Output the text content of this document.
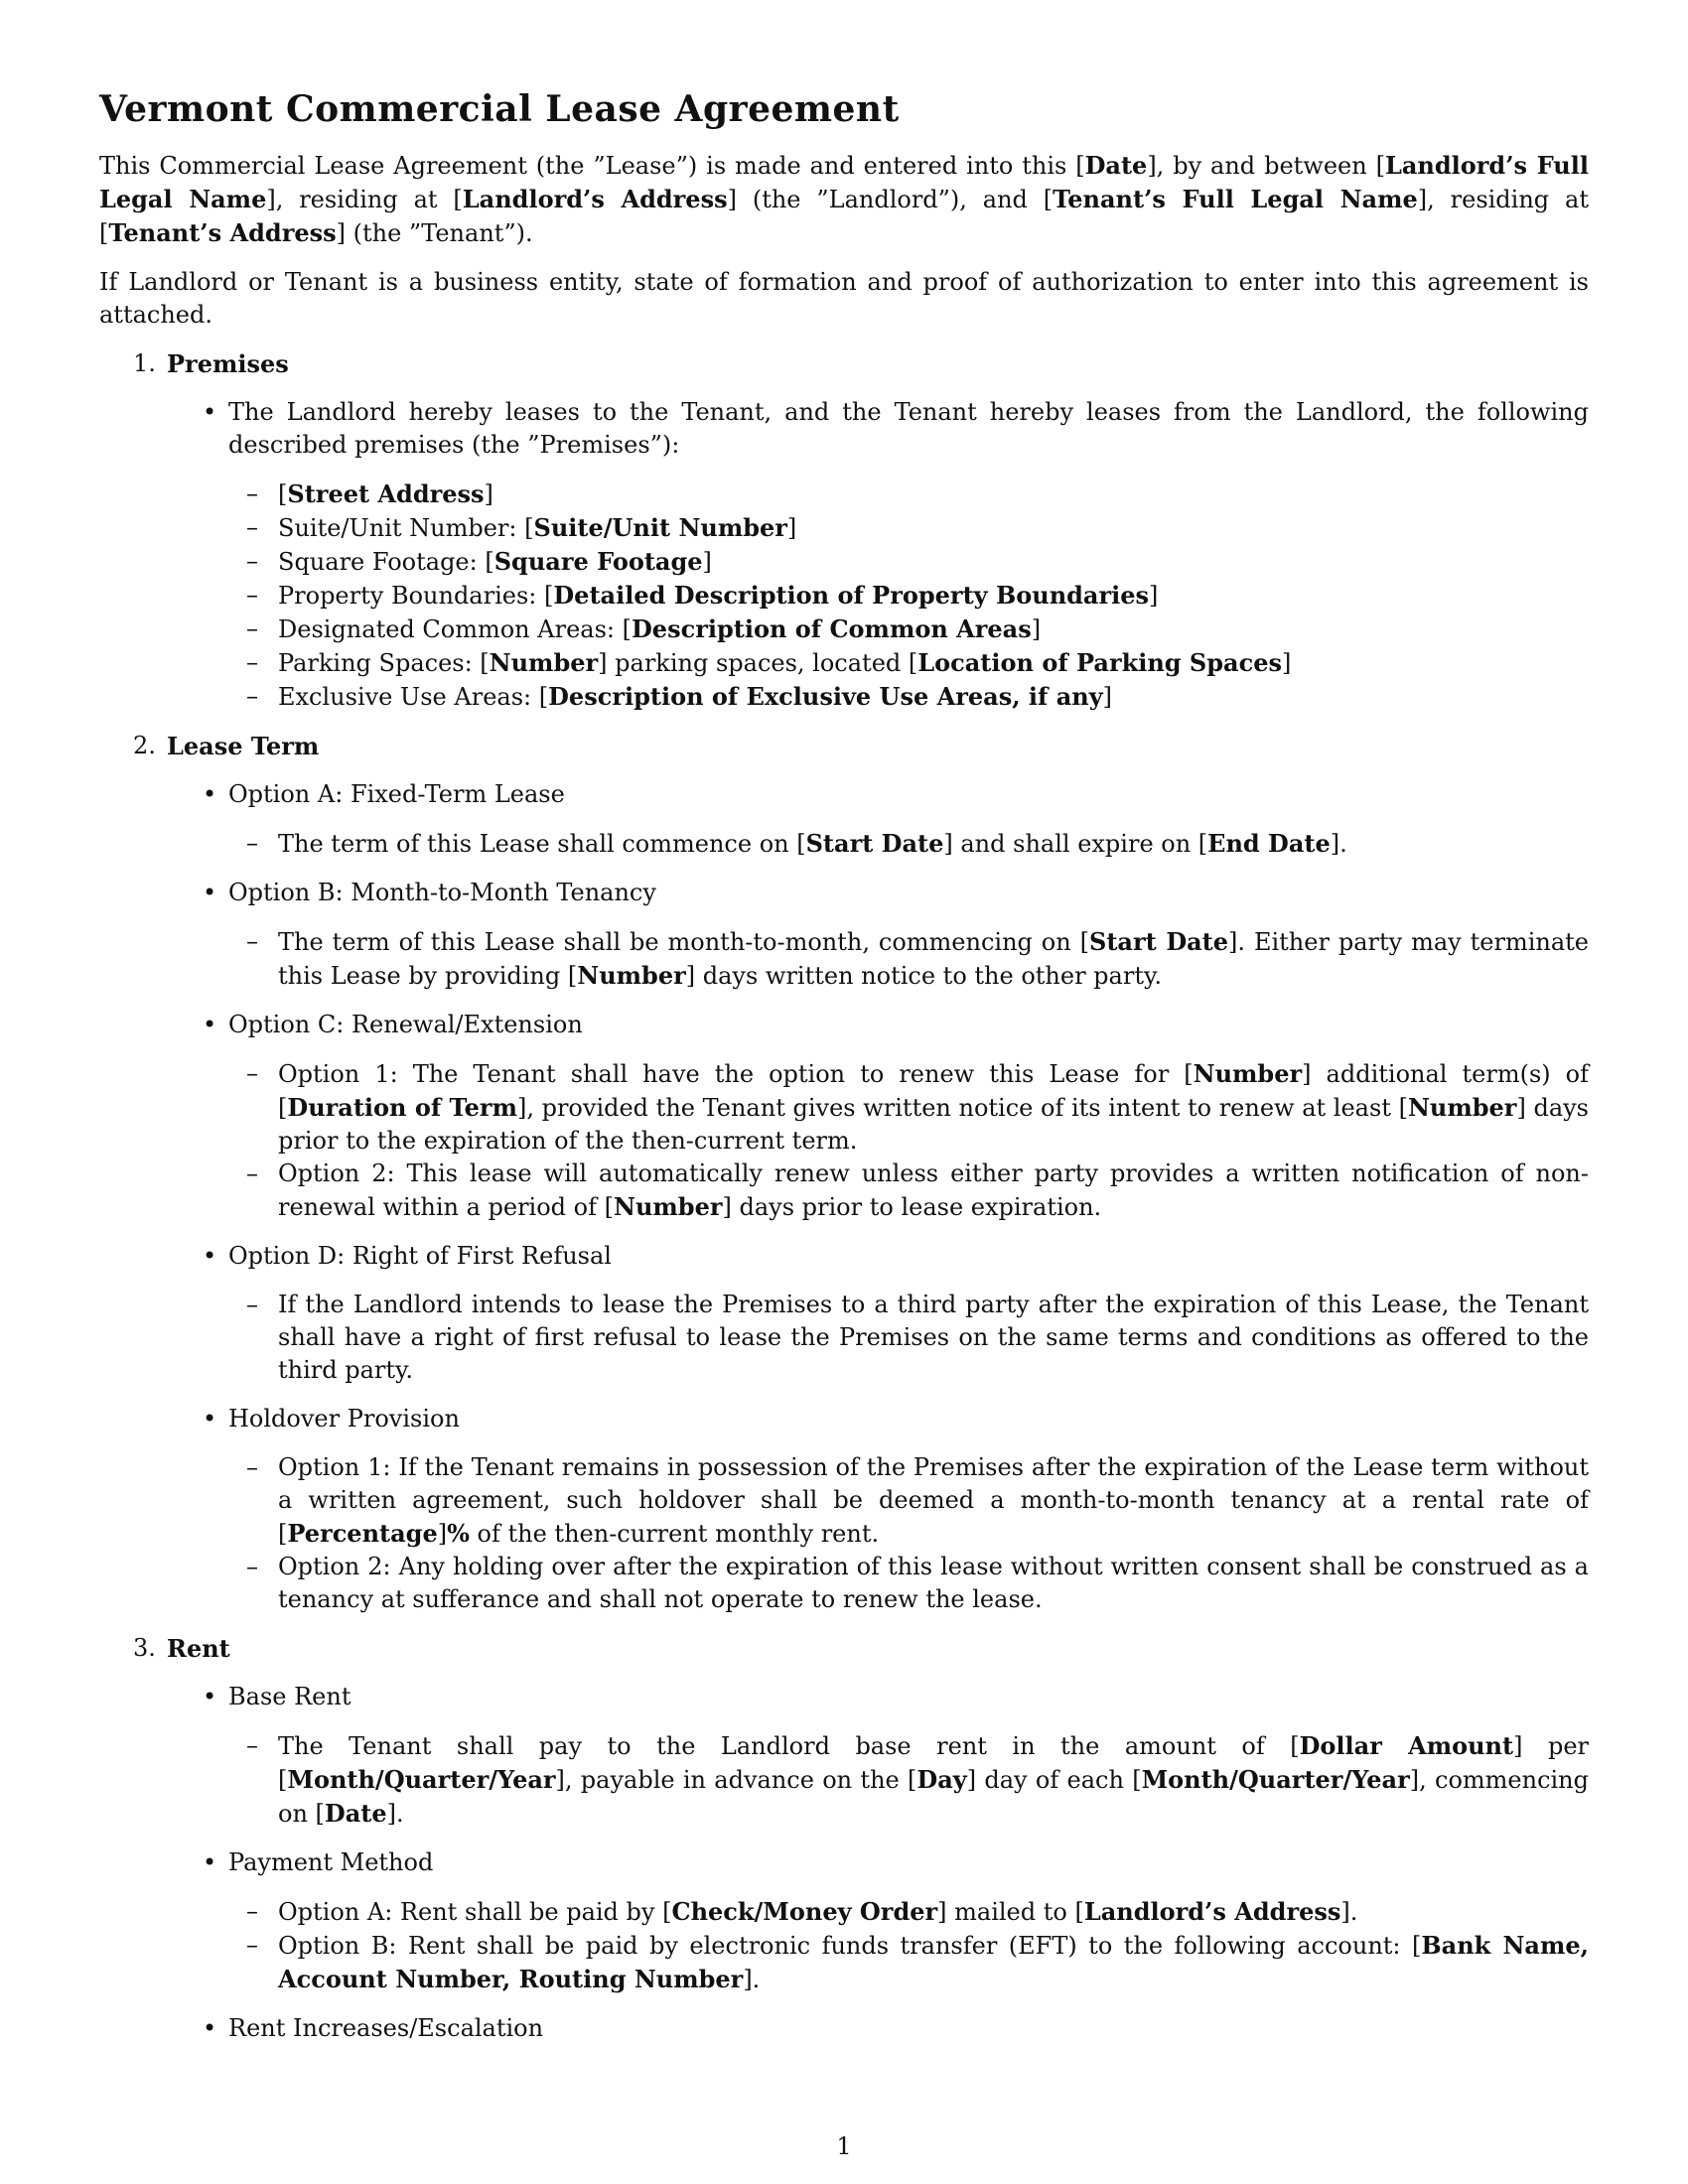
Vermont Commercial Lease Agreement

This Commercial Lease Agreement (the ”Lease”) is made and entered into this [Date], by and between [Landlord’s Full Legal Name], residing at [Landlord’s Address] (the ”Landlord”), and [Tenant’s Full Legal Name], residing at [Tenant’s Address] (the ”Tenant”).

If Landlord or Tenant is a business entity, state of formation and proof of authorization to enter into this agreement is attached.

1. Premises
• The Landlord hereby leases to the Tenant, and the Tenant hereby leases from the Landlord, the following described premises (the ”Premises”):
– [Street Address]
– Suite/Unit Number: [Suite/Unit Number]
– Square Footage: [Square Footage]
– Property Boundaries: [Detailed Description of Property Boundaries]
– Designated Common Areas: [Description of Common Areas]
– Parking Spaces: [Number] parking spaces, located [Location of Parking Spaces]
– Exclusive Use Areas: [Description of Exclusive Use Areas, if any]
2. Lease Term
• Option A: Fixed-Term Lease
– The term of this Lease shall commence on [Start Date] and shall expire on [End Date].
• Option B: Month-to-Month Tenancy
– The term of this Lease shall be month-to-month, commencing on [Start Date]. Either party may terminate this Lease by providing [Number] days written notice to the other party.
• Option C: Renewal/Extension
– Option 1: The Tenant shall have the option to renew this Lease for [Number] additional term(s) of [Duration of Term], provided the Tenant gives written notice of its intent to renew at least [Number] days prior to the expiration of the then-current term.
– Option 2: This lease will automatically renew unless either party provides a written notification of non-renewal within a period of [Number] days prior to lease expiration.
• Option D: Right of First Refusal
– If the Landlord intends to lease the Premises to a third party after the expiration of this Lease, the Tenant shall have a right of first refusal to lease the Premises on the same terms and conditions as offered to the third party.
• Holdover Provision
– Option 1: If the Tenant remains in possession of the Premises after the expiration of the Lease term without a written agreement, such holdover shall be deemed a month-to-month tenancy at a rental rate of [Percentage]% of the then-current monthly rent.
– Option 2: Any holding over after the expiration of this lease without written consent shall be construed as a tenancy at sufferance and shall not operate to renew the lease.
3. Rent
• Base Rent
– The Tenant shall pay to the Landlord base rent in the amount of [Dollar Amount] per [Month/Quarter/Year], payable in advance on the [Day] day of each [Month/Quarter/Year], commencing on [Date].
• Payment Method
– Option A: Rent shall be paid by [Check/Money Order] mailed to [Landlord’s Address].
– Option B: Rent shall be paid by electronic funds transfer (EFT) to the following account: [Bank Name, Account Number, Routing Number].
• Rent Increases/Escalation
1
